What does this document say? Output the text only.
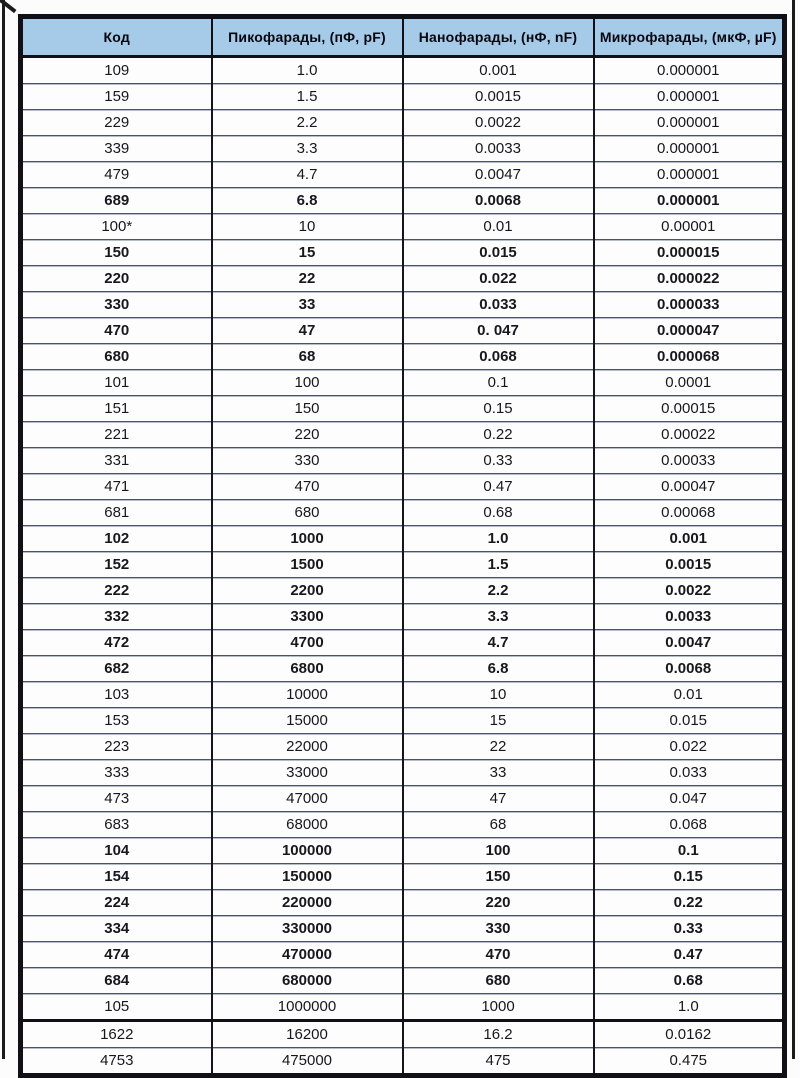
Код	Пикофарады, (пФ, pF)	Нанофарады, (нФ, nF)	Микрофарады, (мкФ, µF)
109	1.0	0.001	0.000001
159	1.5	0.0015	0.000001
229	2.2	0.0022	0.000001
339	3.3	0.0033	0.000001
479	4.7	0.0047	0.000001
689	6.8	0.0068	0.000001
100*	10	0.01	0.00001
150	15	0.015	0.000015
220	22	0.022	0.000022
330	33	0.033	0.000033
470	47	0. 047	0.000047
680	68	0.068	0.000068
101	100	0.1	0.0001
151	150	0.15	0.00015
221	220	0.22	0.00022
331	330	0.33	0.00033
471	470	0.47	0.00047
681	680	0.68	0.00068
102	1000	1.0	0.001
152	1500	1.5	0.0015
222	2200	2.2	0.0022
332	3300	3.3	0.0033
472	4700	4.7	0.0047
682	6800	6.8	0.0068
103	10000	10	0.01
153	15000	15	0.015
223	22000	22	0.022
333	33000	33	0.033
473	47000	47	0.047
683	68000	68	0.068
104	100000	100	0.1
154	150000	150	0.15
224	220000	220	0.22
334	330000	330	0.33
474	470000	470	0.47
684	680000	680	0.68
105	1000000	1000	1.0
1622	16200	16.2	0.0162
4753	475000	475	0.475
